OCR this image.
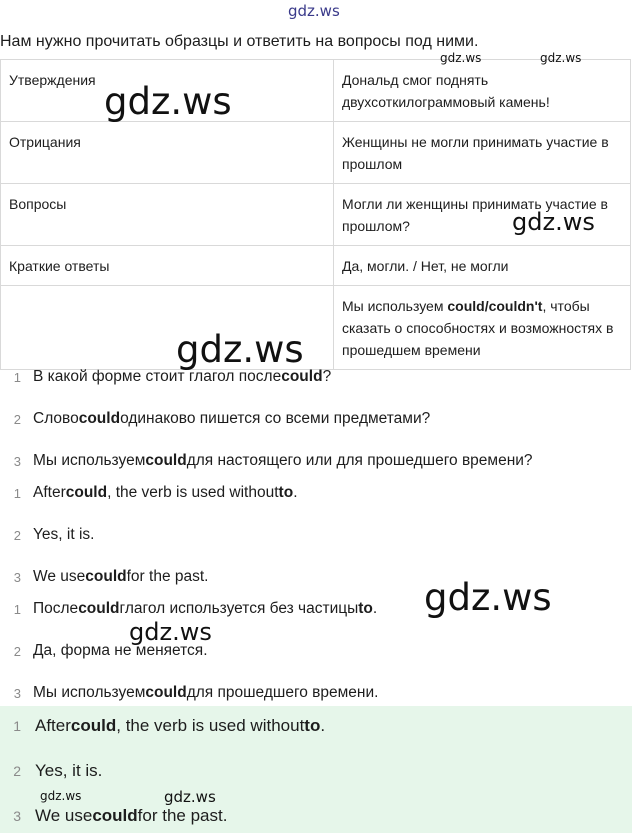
gdz.ws
gdz.ws	gdz.ws
gdz.ws
gdz.ws
gdz.ws
gdz.ws
gdz.ws
gdz.ws	gdz.ws
Нам нужно прочитать образцы и ответить на вопросы под ними.
Утверждения	Дональд смог поднять двухсоткилограммовый камень!
Отрицания	Женщины не могли принимать участие в прошлом
Вопросы	Могли ли женщины принимать участие в прошлом?
Краткие ответы	Да, могли. / Нет, не могли
	Мы используем could/couldn't, чтобы сказать о способностях и возможностях в прошедшем времени
1 В какой форме стоит глагол после could ?
2 Слово could одинаково пишется со всеми предметами?
3 Мы используем could для настоящего или для прошедшего времени?
1 After could , the verb is used without to .
2 Yes, it is.
3 We use could for the past.
1 После could глагол используется без частицы to .
2 Да, форма не меняется.
3 Мы используем could для прошедшего времени.
1 After could , the verb is used without to .
2 Yes, it is.
3 We use could for the past.
